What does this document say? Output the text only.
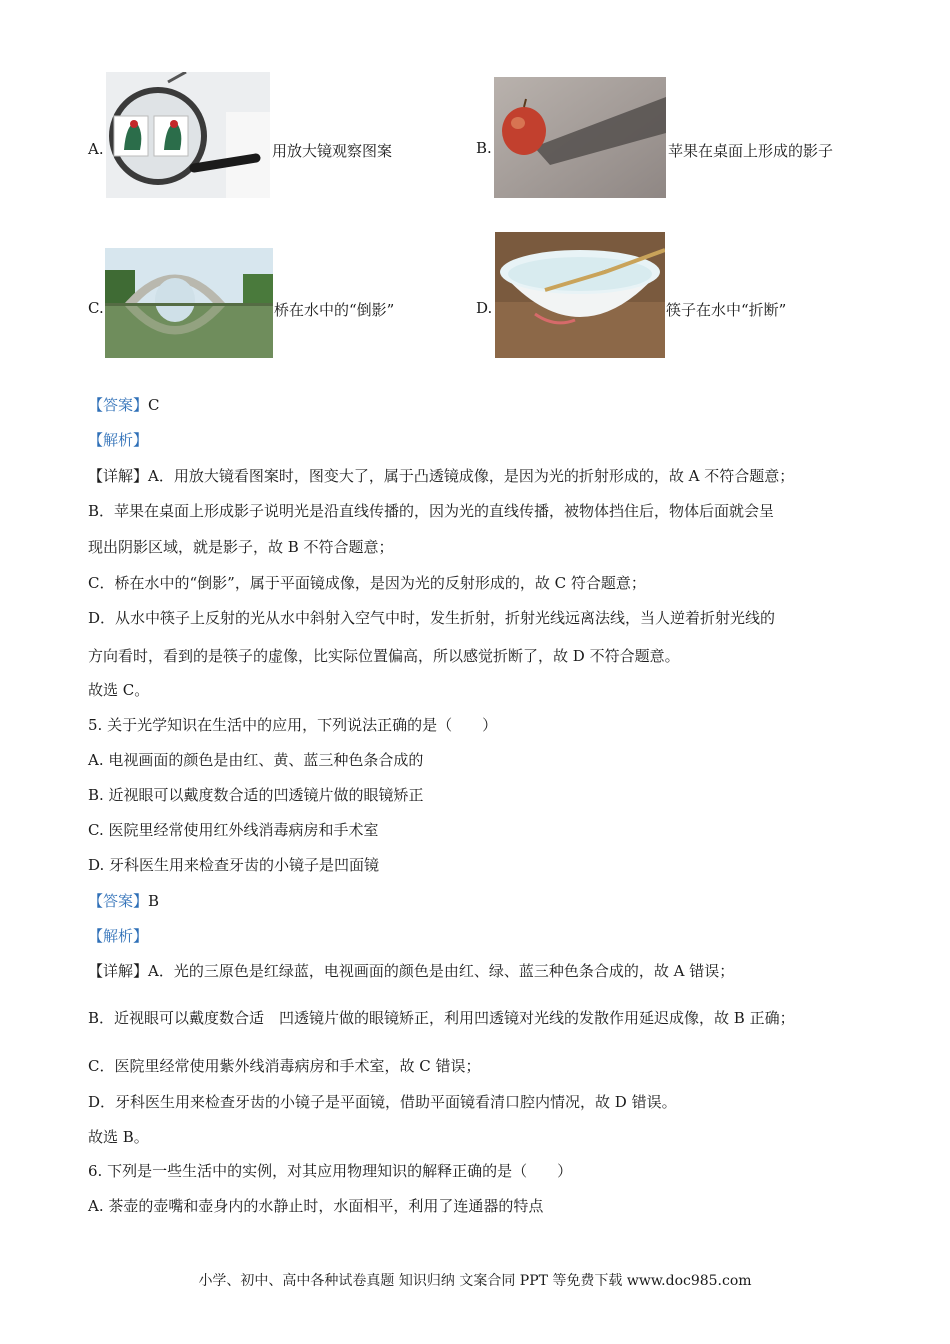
A.	用放大镜观察图案	B.	苹果在桌面上形成的影子
C.	桥在水中的“倒影”	D.	筷子在水中“折断”
【答案】C
【解析】
【详解】A．用放大镜看图案时，图变大了，属于凸透镜成像，是因为光的折射形成的，故 A 不符合题意；
B．苹果在桌面上形成影子说明光是沿直线传播的，因为光的直线传播，被物体挡住后，物体后面就会呈
现出阴影区域，就是影子，故 B 不符合题意；
C．桥在水中的“倒影”，属于平面镜成像，是因为光的反射形成的，故 C 符合题意；
D．从水中筷子上反射的光从水中斜射入空气中时，发生折射，折射光线远离法线，当人逆着折射光线的
方向看时，看到的是筷子的虚像，比实际位置偏高，所以感觉折断了，故 D 不符合题意。
故选 C。
5. 关于光学知识在生活中的应用，下列说法正确的是（　　）
A. 电视画面的颜色是由红、黄、蓝三种色条合成的
B. 近视眼可以戴度数合适的凹透镜片做的眼镜矫正
C. 医院里经常使用红外线消毒病房和手术室
D. 牙科医生用来检查牙齿的小镜子是凹面镜
【答案】B
【解析】
【详解】A．光的三原色是红绿蓝，电视画面的颜色是由红、绿、蓝三种色条合成的，故 A 错误；
B．近视眼可以戴度数合适　凹透镜片做的眼镜矫正，利用凹透镜对光线的发散作用延迟成像，故 B 正确；
C．医院里经常使用紫外线消毒病房和手术室，故 C 错误；
D．牙科医生用来检查牙齿的小镜子是平面镜，借助平面镜看清口腔内情况，故 D 错误。
故选 B。
6. 下列是一些生活中的实例，对其应用物理知识的解释正确的是（　　）
A. 茶壶的壶嘴和壶身内的水静止时，水面相平，利用了连通器的特点
小学、初中、高中各种试卷真题 知识归纳 文案合同 PPT 等免费下载 www.doc985.com
